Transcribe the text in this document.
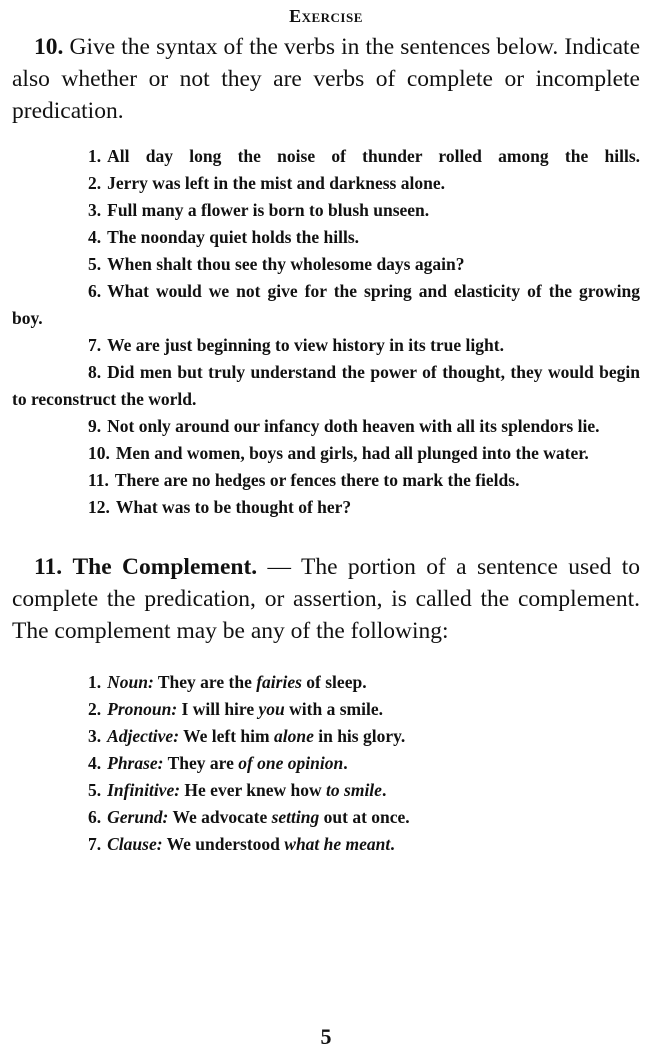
Exercise

10. Give the syntax of the verbs in the sentences below. Indicate also whether or not they are verbs of complete or incomplete predication.

1. All day long the noise of thunder rolled among the hills.

2. Jerry was left in the mist and darkness alone.

3. Full many a flower is born to blush unseen.

4. The noonday quiet holds the hills.

5. When shalt thou see thy wholesome days again?

6. What would we not give for the spring and elasticity of the growing boy.

7. We are just beginning to view history in its true light.

8. Did men but truly understand the power of thought, they would begin to reconstruct the world.

9. Not only around our infancy doth heaven with all its splendors lie.

10. Men and women, boys and girls, had all plunged into the water.

11. There are no hedges or fences there to mark the fields.

12. What was to be thought of her?

11. The Complement. — The portion of a sentence used to complete the predication, or assertion, is called the complement. The complement may be any of the following:

1. Noun: They are the fairies of sleep.

2. Pronoun: I will hire you with a smile.

3. Adjective: We left him alone in his glory.

4. Phrase: They are of one opinion.

5. Infinitive: He ever knew how to smile.

6. Gerund: We advocate setting out at once.

7. Clause: We understood what he meant.

5
